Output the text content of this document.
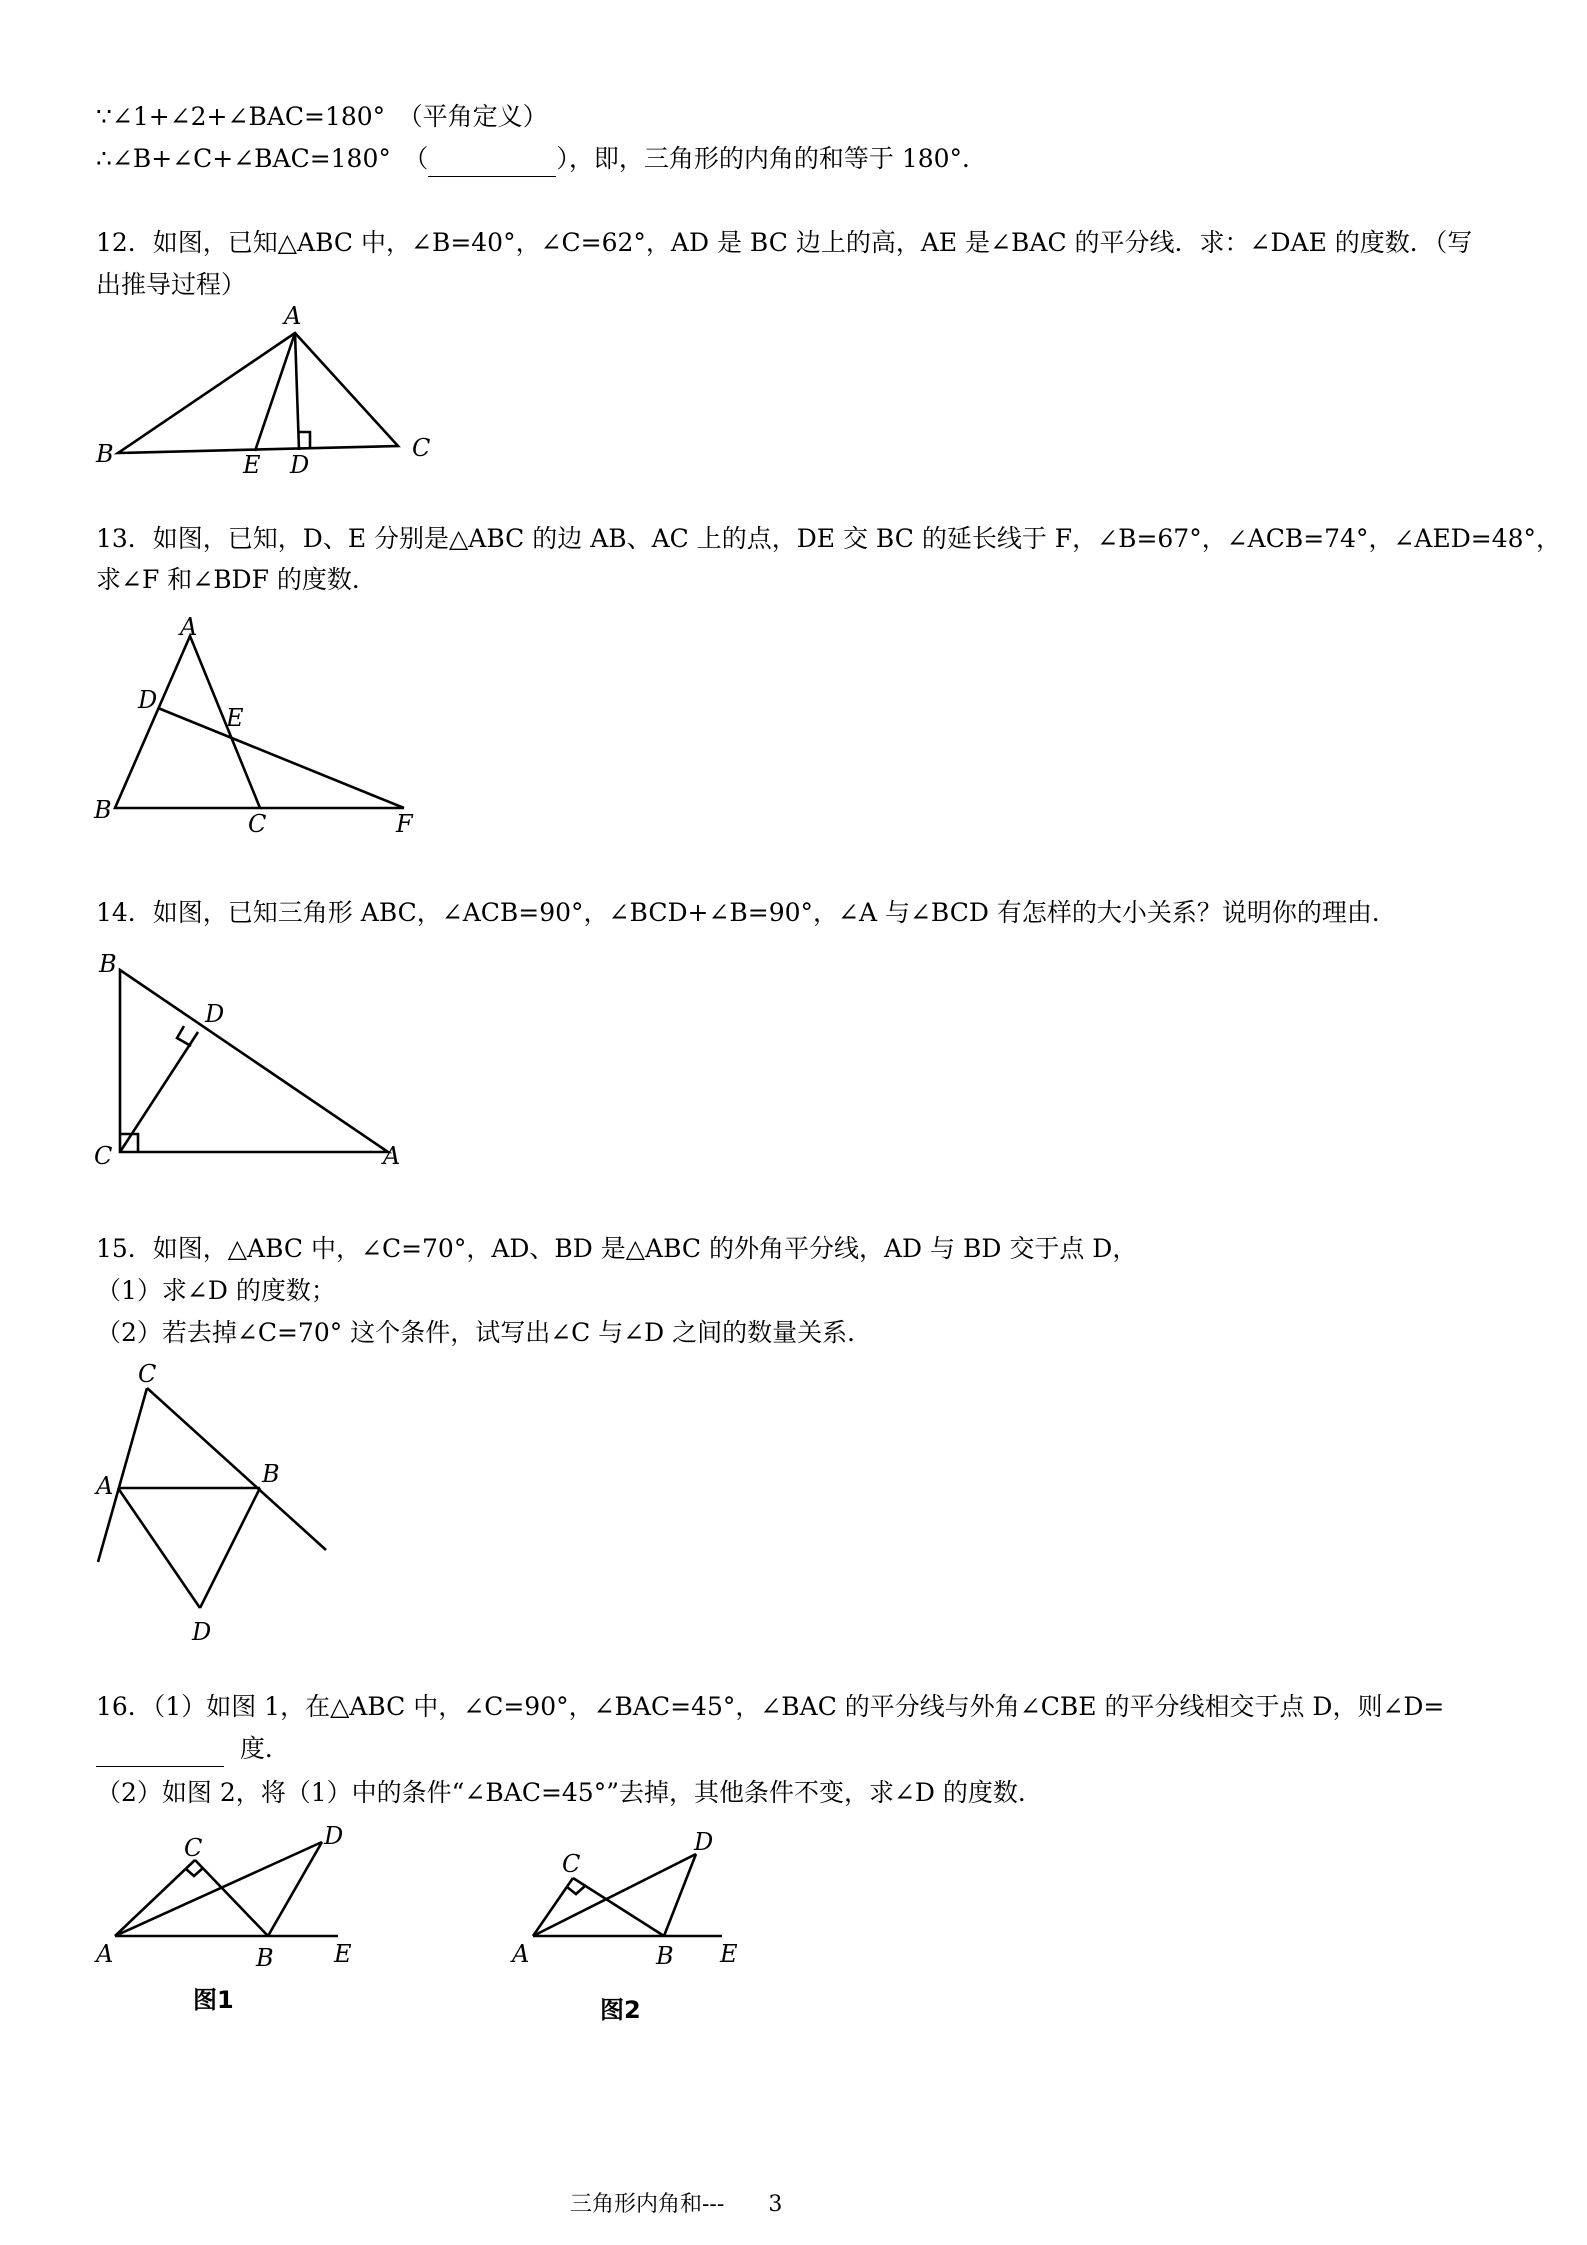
∵∠1+∠2+∠BAC=180°　（平角定义）
∴∠B+∠C+∠BAC=180°　（	），即，三角形的内角的和等于 180°．
12．如图，已知△ABC 中，∠B=40°，∠C=62°，AD 是 BC 边上的高，AE 是∠BAC 的平分线．求：∠DAE 的度数．（写
出推导过程）
A
B	C
D
E
13．如图，已知，D、E 分别是△ABC 的边 AB、AC 上的点，DE 交 BC 的延长线于 F，∠B=67°，∠ACB=74°，∠AED=48°，
求∠F 和∠BDF 的度数．
A
B	C
D
E
F
14．如图，已知三角形 ABC，∠ACB=90°，∠BCD+∠B=90°，∠A 与∠BCD 有怎样的大小关系？说明你的理由．
A
B
C
D
15．如图，△ABC 中，∠C=70°，AD、BD 是△ABC 的外角平分线，AD 与 BD 交于点 D，
（1）求∠D 的度数；
（2）若去掉∠C=70° 这个条件，试写出∠C 与∠D 之间的数量关系．
A	B
C
D
16．（1）如图 1，在△ABC 中，∠C=90°，∠BAC=45°，∠BAC 的平分线与外角∠CBE 的平分线相交于点 D，则∠D=
度．
（2）如图 2，将（1）中的条件“∠BAC=45°”去掉，其他条件不变，求∠D 的度数．
A	B
C	D
E
图1
A	B
C
D
E
图2
三角形内角和--- 3
